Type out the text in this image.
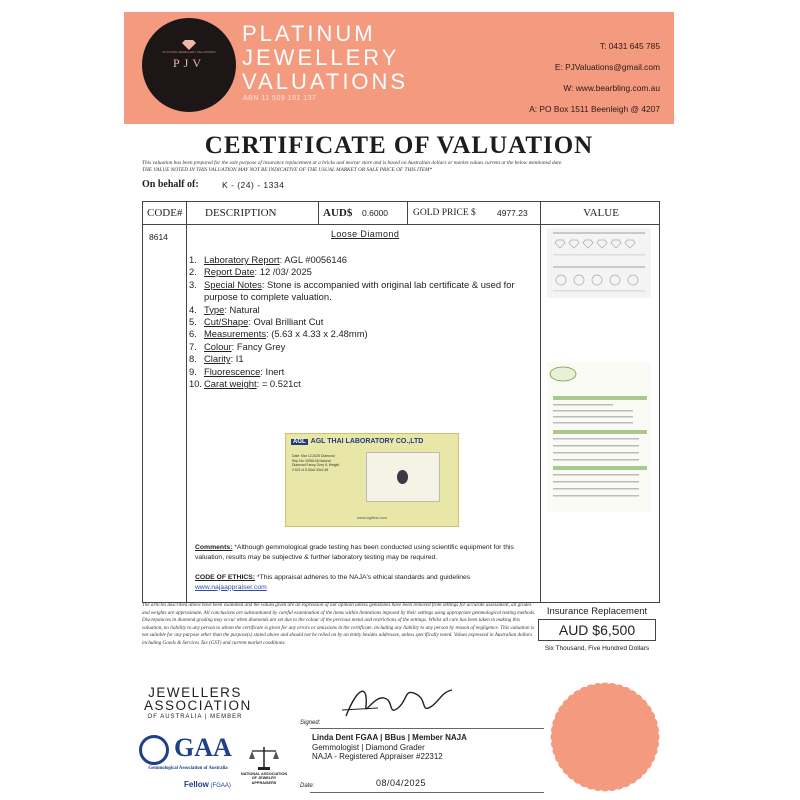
PLATINUM JEWELLERY VALUATIONS
PJV
PLATINUM
JEWELLERY
VALUATIONS
ABN 11 509 181 137
T: 0431 645 785
E: PJValuations@gmail.com
W: www.bearbling.com.au
A: PO Box 1511 Beenleigh @ 4207
CERTIFICATE OF VALUATION
This valuation has been prepared for the sole purpose of insurance replacement at a bricks and mortar store and is based on Australian dollars or market values current at the below mentioned date.
THE VALUE NOTED IN THIS VALUATION MAY NOT BE INDICATIVE OF THE USUAL MARKET OR SALE PRICE OF THIS ITEM*
On behalf of:	K - (24) - 1334
CODE#	DESCRIPTION	AUD$	0.6000	GOLD PRICE $	4977.23	VALUE
8614	Loose Diamond
1. Laboratory Report: AGL #0056146
2. Report Date: 12 /03/ 2025
3. Special Notes: Stone is accompanied with original lab certificate & used for purpose to complete valuation.
4. Type: Natural
5. Cut/Shape: Oval Brilliant Cut
6. Measurements: (5.63 x 4.33 x 2.48mm)
7. Colour: Fancy Grey
8. Clarity: I1
9. Fluorescence: Inert
10. Carat weight: = 0.521ct
AGL AGL THAI LABORATORY CO.,LTD
Date: Mar 12,2025 Diamond Rep.No: 0056146 Natural Diamond Fancy Grey I1 Weight 0.521 ct 5.63x4.33x2.48
www.aglthai.com
Comments: *Although gemmological grade testing has been conducted using scientific equipment for this valuation, results may be subjective & further laboratory testing may be required.
CODE OF ETHICS: *This appraisal adheres to the NAJA's ethical standards and guidelines
www.najaappraiser.com
The articles described above have been examined and the values given are an expression of our opinion unless gemstones have been removed from settings for accurate assessment, all grades and weights are approximate. All conclusions are substantiated by careful examination of the items within limitations imposed by their settings using appropriate gemmological testing methods. Discrepancies in diamond grading may occur when diamonds are set due to the colour of the precious metal and restrictions of the settings. Whilst all care has been taken in making this valuation, no liability to any person to whom the certificate is given for any errors or omissions in the certificate, including any liability to any person by reason of negligence. This valuation is not suitable for any purpose other than the purpose(s) stated above and should not be relied on by an entity besides addressee, unless specifically noted. Values expressed in Australian dollars including Goods & Services Tax (GST) and current market conditions.
Insurance Replacement
AUD $6,500
Six Thousand, Five Hundred Dollars
JEWELLERS
ASSOCIATION
OF AUSTRALIA | MEMBER
GAA
Gemmological Association of Australia
Fellow (FGAA)
NATIONAL ASSOCIATION OF JEWELRY APPRAISERS
Signed:
Linda Dent FGAA | BBus | Member NAJA
Gemmologist | Diamond Grader
NAJA - Registered Appraiser #22312
Date:	08/04/2025
